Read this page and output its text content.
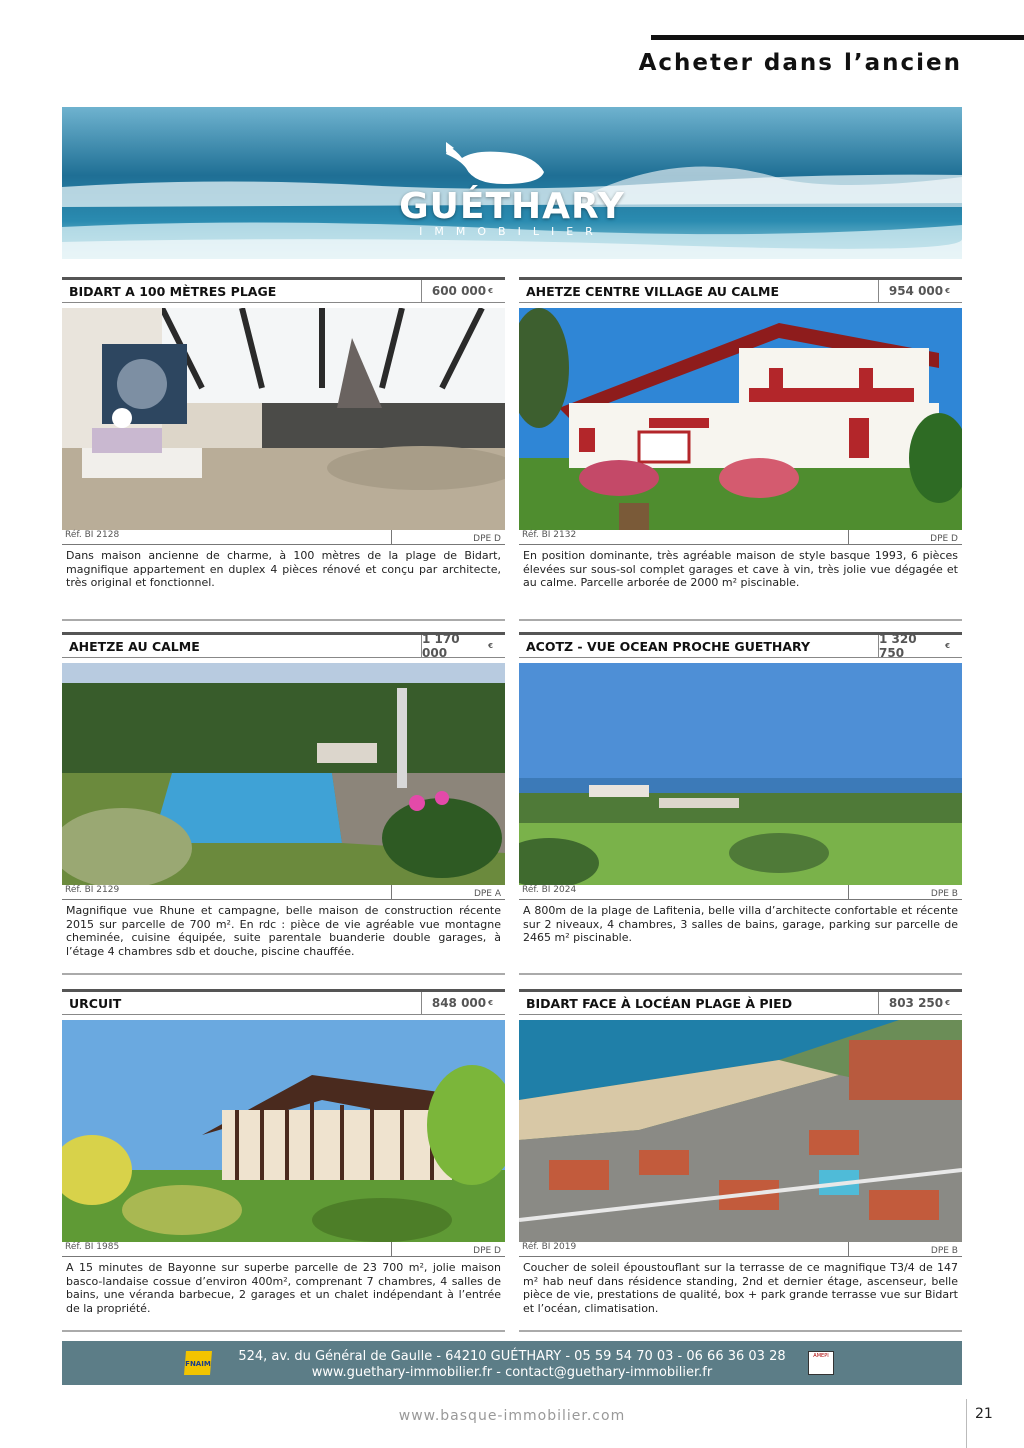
Acheter dans l’ancien
GUÉTHARY
IMMOBILIER
BIDART A 100 MÈTRES PLAGE	600 000 €
Réf. BI 2128	DPE D
Dans maison ancienne de charme, à 100 mètres de la plage de Bidart, magnifique appartement en duplex 4 pièces rénové et conçu par architecte, très original et fonctionnel.
AHETZE CENTRE VILLAGE AU CALME	954 000 €
Réf. BI 2132	DPE D
En position dominante, très agréable maison de style basque 1993, 6 pièces élevées sur sous-sol complet garages et cave à vin, très jolie vue dégagée et au calme. Parcelle arborée de 2000 m² piscinable.
AHETZE AU CALME	1 170 000	€
Réf. BI 2129	DPE A
Magnifique vue Rhune et campagne, belle maison de construction récente 2015 sur parcelle de 700 m². En rdc : pièce de vie agréable vue montagne cheminée, cuisine équipée, suite parentale buanderie double garages, à l’étage 4 chambres sdb et douche, piscine chauffée.
ACOTZ - VUE OCEAN PROCHE GUETHARY	1 320 750	€
Réf. BI 2024	DPE B
A 800m de la plage de Lafitenia, belle villa d’architecte confortable et récente sur 2 niveaux, 4 chambres, 3 salles de bains, garage, parking sur parcelle de 2465 m² piscinable.
URCUIT	848 000 €
Réf. BI 1985	DPE D
A 15 minutes de Bayonne sur superbe parcelle de 23 700 m², jolie maison basco-landaise cossue d’environ 400m², comprenant 7 chambres, 4 salles de bains, une véranda barbecue, 2 garages et un chalet indépendant à l’entrée de la propriété.
BIDART FACE À LOCÉAN PLAGE À PIED	803 250 €
Réf. BI 2019	DPE B
Coucher de soleil époustouflant sur la terrasse de ce magnifique T3/4 de 147 m² hab neuf dans résidence standing, 2nd et dernier étage, ascenseur, belle pièce de vie, prestations de qualité, box + park grande terrasse vue sur Bidart et l’océan, climatisation.
FNAIM	524, av. du Général de Gaulle - 64210 GUÉTHARY - 05 59 54 70 03 - 06 66 36 03 28
www.guethary-immobilier.fr - contact@guethary-immobilier.fr
AMEPI
www.basque-immobilier.com	21
